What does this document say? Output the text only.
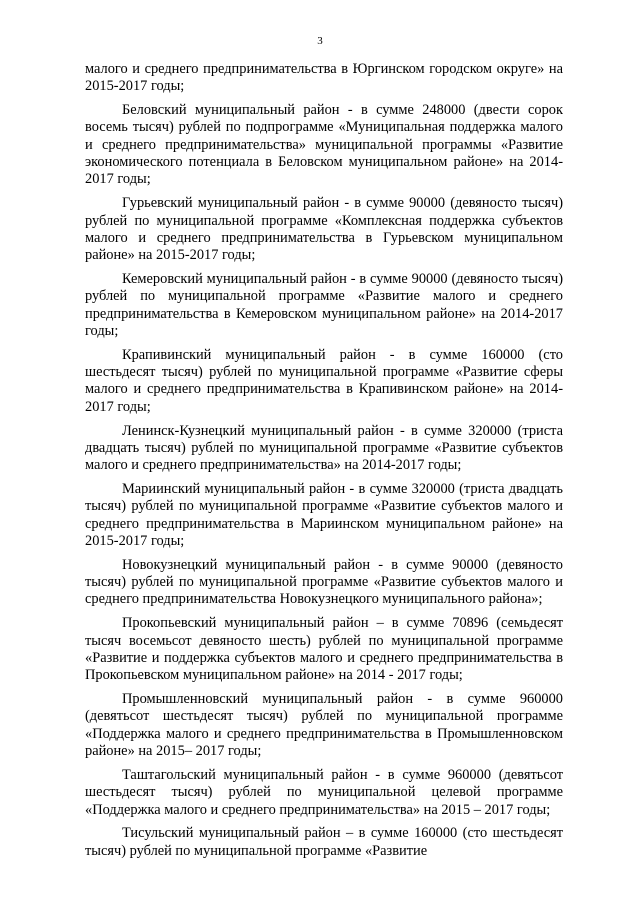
3

малого и среднего предпринимательства в Юргинском городском округе» на 2015-2017 годы;

Беловский муниципальный район - в сумме 248000 (двести сорок восемь тысяч) рублей по подпрограмме «Муниципальная поддержка малого и среднего предпринимательства» муниципальной программы «Развитие экономического потенциала в Беловском муниципальном районе» на 2014-2017 годы;

Гурьевский муниципальный район - в сумме 90000 (девяносто тысяч) рублей по муниципальной программе «Комплексная поддержка субъектов малого и среднего предпринимательства в Гурьевском муниципальном районе» на 2015-2017 годы;

Кемеровский муниципальный район - в сумме 90000 (девяносто тысяч) рублей по муниципальной программе «Развитие малого и среднего предпринимательства в Кемеровском муниципальном районе» на 2014-2017 годы;

Крапивинский муниципальный район - в сумме 160000 (сто шестьдесят тысяч) рублей по муниципальной программе «Развитие сферы малого и среднего предпринимательства в Крапивинском районе» на 2014-2017 годы;

Ленинск-Кузнецкий муниципальный район - в сумме 320000 (триста двадцать тысяч) рублей по муниципальной программе «Развитие субъектов малого и среднего предпринимательства» на 2014-2017 годы;

Мариинский муниципальный район - в сумме 320000 (триста двадцать тысяч) рублей по муниципальной программе «Развитие субъектов малого и среднего предпринимательства в Мариинском муниципальном районе» на 2015-2017 годы;

Новокузнецкий муниципальный район - в сумме 90000 (девяносто тысяч) рублей по муниципальной программе «Развитие субъектов малого и среднего предпринимательства Новокузнецкого муниципального района»;

Прокопьевский муниципальный район – в сумме 70896 (семьдесят тысяч восемьсот девяносто шесть) рублей по муниципальной программе «Развитие и поддержка субъектов малого и среднего предпринимательства в Прокопьевском муниципальном районе» на 2014 - 2017 годы;

Промышленновский муниципальный район - в сумме 960000 (девятьсот шестьдесят тысяч) рублей по муниципальной программе «Поддержка малого и среднего предпринимательства в Промышленновском районе» на 2015– 2017 годы;

Таштагольский муниципальный район - в сумме 960000 (девятьсот шестьдесят тысяч) рублей по муниципальной целевой программе «Поддержка малого и среднего предпринимательства» на 2015 – 2017 годы;

Тисульский муниципальный район – в сумме 160000 (сто шестьдесят тысяч) рублей по муниципальной программе «Развитие
